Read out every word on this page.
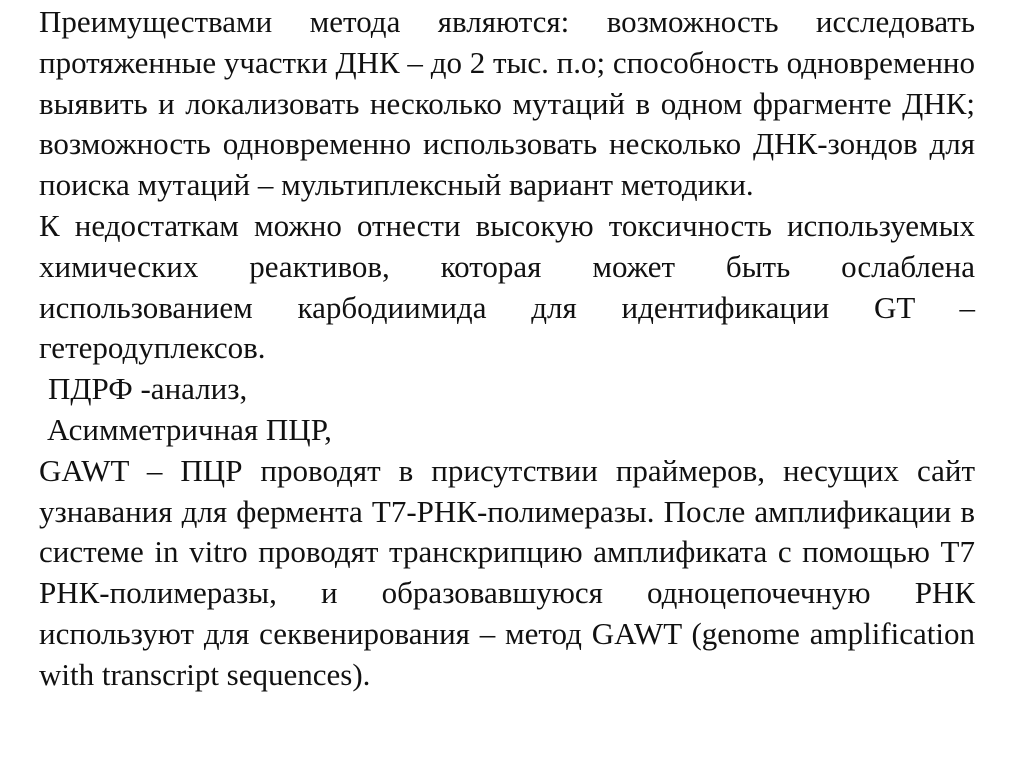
Преимуществами метода являются: возможность исследовать протяженные участки ДНК – до 2 тыс. п.о; способность одновременно выявить и локализовать несколько мутаций в одном фрагменте ДНК; возможность одновременно использовать несколько ДНК-зондов для поиска мутаций – мультиплексный вариант методики.

К недостаткам можно отнести высокую токсичность используемых химических реактивов, которая может быть ослаблена использованием карбодиимида для идентификации GT – гетеродуплексов.

ПДРФ -анализ,

Асимметричная ПЦР,

GAWT – ПЦР проводят в присутствии праймеров, несущих сайт узнавания для фермента Т7-РНК-полимеразы. После амплификации в системе in vitro проводят транскрипцию амплификата с помощью Т7 РНК-полимеразы, и образовавшуюся одноцепочечную РНК используют для секвенирования – метод GAWT (genome amplification with transcript sequences).
